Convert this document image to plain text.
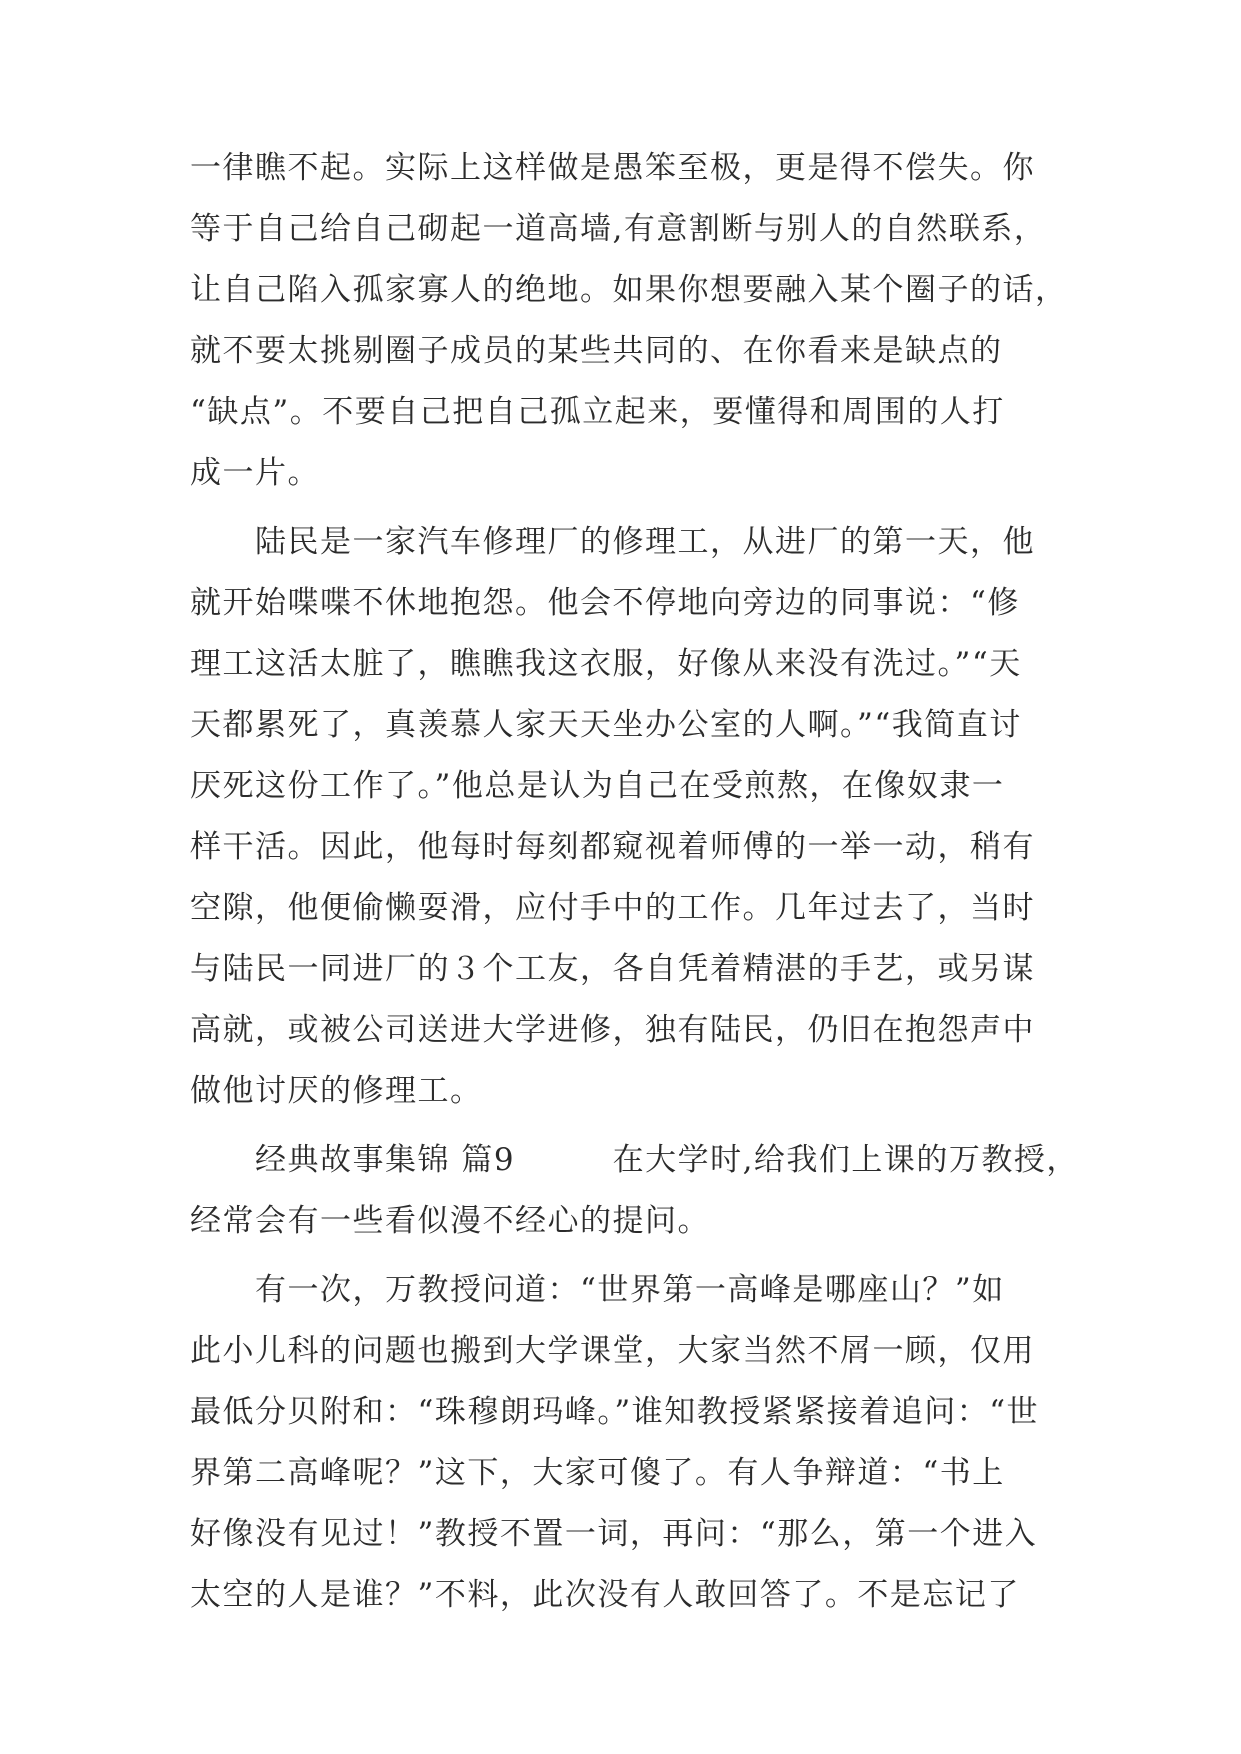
一律瞧不起。实际上这样做是愚笨至极，更是得不偿失。你
等于自己给自己砌起一道高墙,有意割断与别人的自然联系，
让自己陷入孤家寡人的绝地。如果你想要融入某个圈子的话，
就不要太挑剔圈子成员的某些共同的、在你看来是缺点的
“缺点”。不要自己把自己孤立起来，要懂得和周围的人打
成一片。
　　陆民是一家汽车修理厂的修理工，从进厂的第一天，他
就开始喋喋不休地抱怨。他会不停地向旁边的同事说：“修
理工这活太脏了，瞧瞧我这衣服，好像从来没有洗过。”“天
天都累死了，真羡慕人家天天坐办公室的人啊。”“我简直讨
厌死这份工作了。”他总是认为自己在受煎熬，在像奴隶一
样干活。因此，他每时每刻都窥视着师傅的一举一动，稍有
空隙，他便偷懒耍滑，应付手中的工作。几年过去了，当时
与陆民一同进厂的３个工友，各自凭着精湛的手艺，或另谋
高就，或被公司送进大学进修，独有陆民，仍旧在抱怨声中
做他讨厌的修理工。
　　经典故事集锦 篇9　　　在大学时,给我们上课的万教授，
经常会有一些看似漫不经心的提问。
　　有一次，万教授问道：“世界第一高峰是哪座山？”如
此小儿科的问题也搬到大学课堂，大家当然不屑一顾，仅用
最低分贝附和：“珠穆朗玛峰。”谁知教授紧紧接着追问：“世
界第二高峰呢？”这下，大家可傻了。有人争辩道：“书上
好像没有见过！”教授不置一词，再问：“那么，第一个进入
太空的人是谁？”不料，此次没有人敢回答了。不是忘记了
